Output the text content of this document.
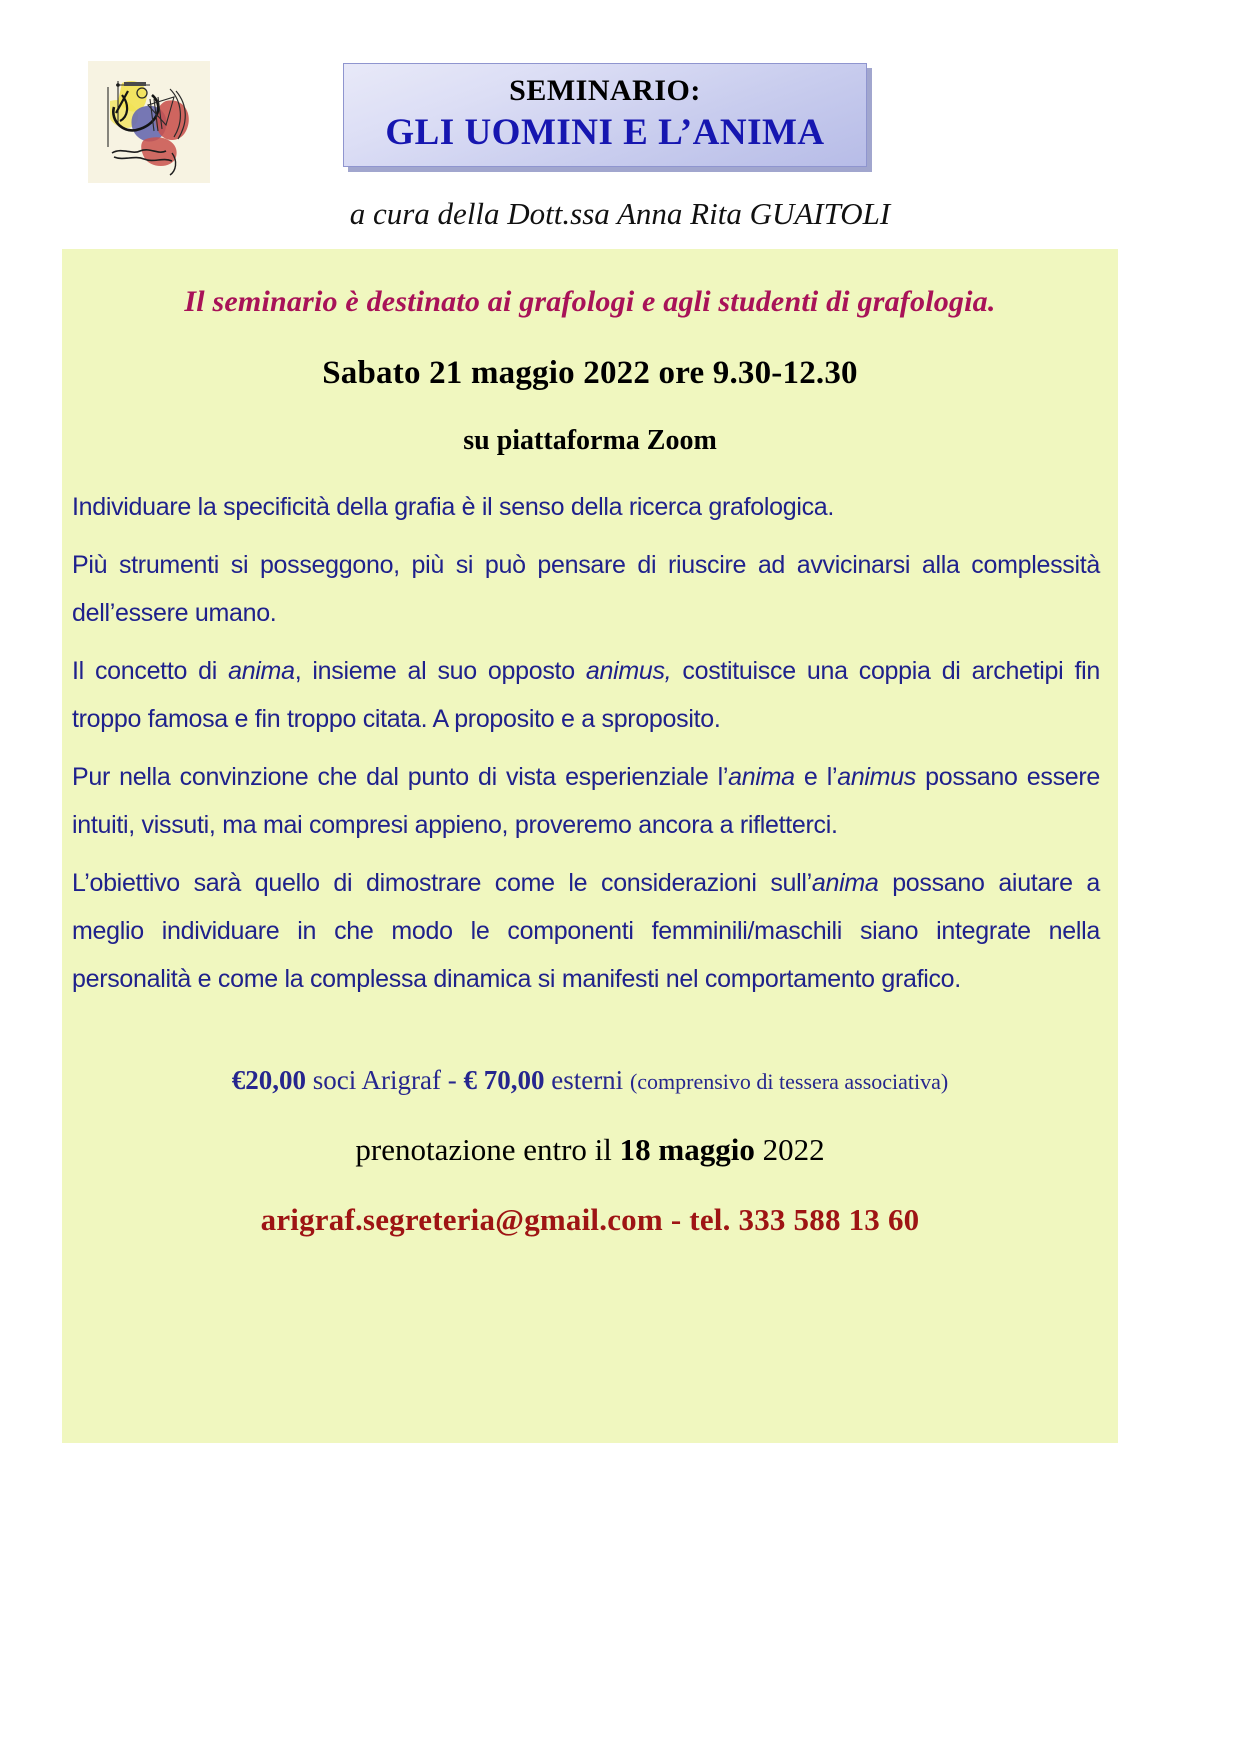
SEMINARIO:
GLI UOMINI E L’ANIMA
a cura della Dott.ssa Anna Rita GUAITOLI
Il seminario è destinato ai grafologi e agli studenti di grafologia.
Sabato 21 maggio 2022 ore 9.30-12.30
su piattaforma Zoom

Individuare la specificità della grafia è il senso della ricerca grafologica.

Più strumenti si posseggono, più si può pensare di riuscire ad avvicinarsi alla complessità dell’essere umano.

Il concetto di anima, insieme al suo opposto animus, costituisce una coppia di archetipi fin troppo famosa e fin troppo citata. A proposito e a sproposito.

Pur nella convinzione che dal punto di vista esperienziale l’anima e l’animus possano essere intuiti, vissuti, ma mai compresi appieno, proveremo ancora a rifletterci.

L’obiettivo sarà quello di dimostrare come le considerazioni sull’anima possano aiutare a meglio individuare in che modo le componenti femminili/maschili siano integrate nella personalità e come la complessa dinamica si manifesti nel comportamento grafico.

€20,00 soci Arigraf - € 70,00 esterni (comprensivo di tessera associativa)
prenotazione entro il 18 maggio 2022
arigraf.segreteria@gmail.com - tel. 333 588 13 60
